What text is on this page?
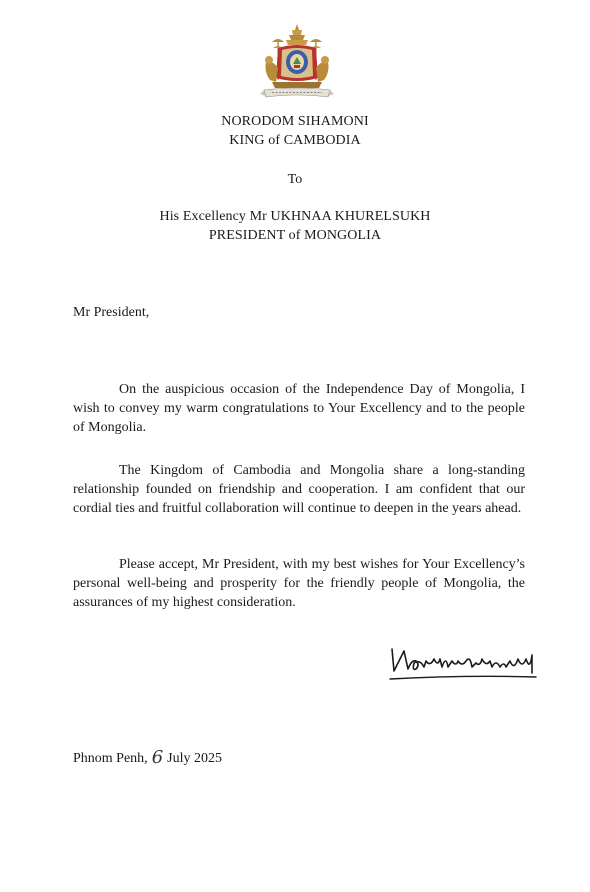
NORODOM SIHAMONI
KING of CAMBODIA
To
His Excellency Mr UKHNAA KHURELSUKH
PRESIDENT of MONGOLIA
Mr President,

On the auspicious occasion of the Independence Day of Mongolia, I wish to convey my warm congratulations to Your Excellency and to the people of Mongolia.

The Kingdom of Cambodia and Mongolia share a long-standing relationship founded on friendship and cooperation. I am confident that our cordial ties and fruitful collaboration will continue to deepen in the years ahead.

Please accept, Mr President, with my best wishes for Your Excellency’s personal well-being and prosperity for the friendly people of Mongolia, the assurances of my highest consideration.

Phnom Penh, 6 July 2025
